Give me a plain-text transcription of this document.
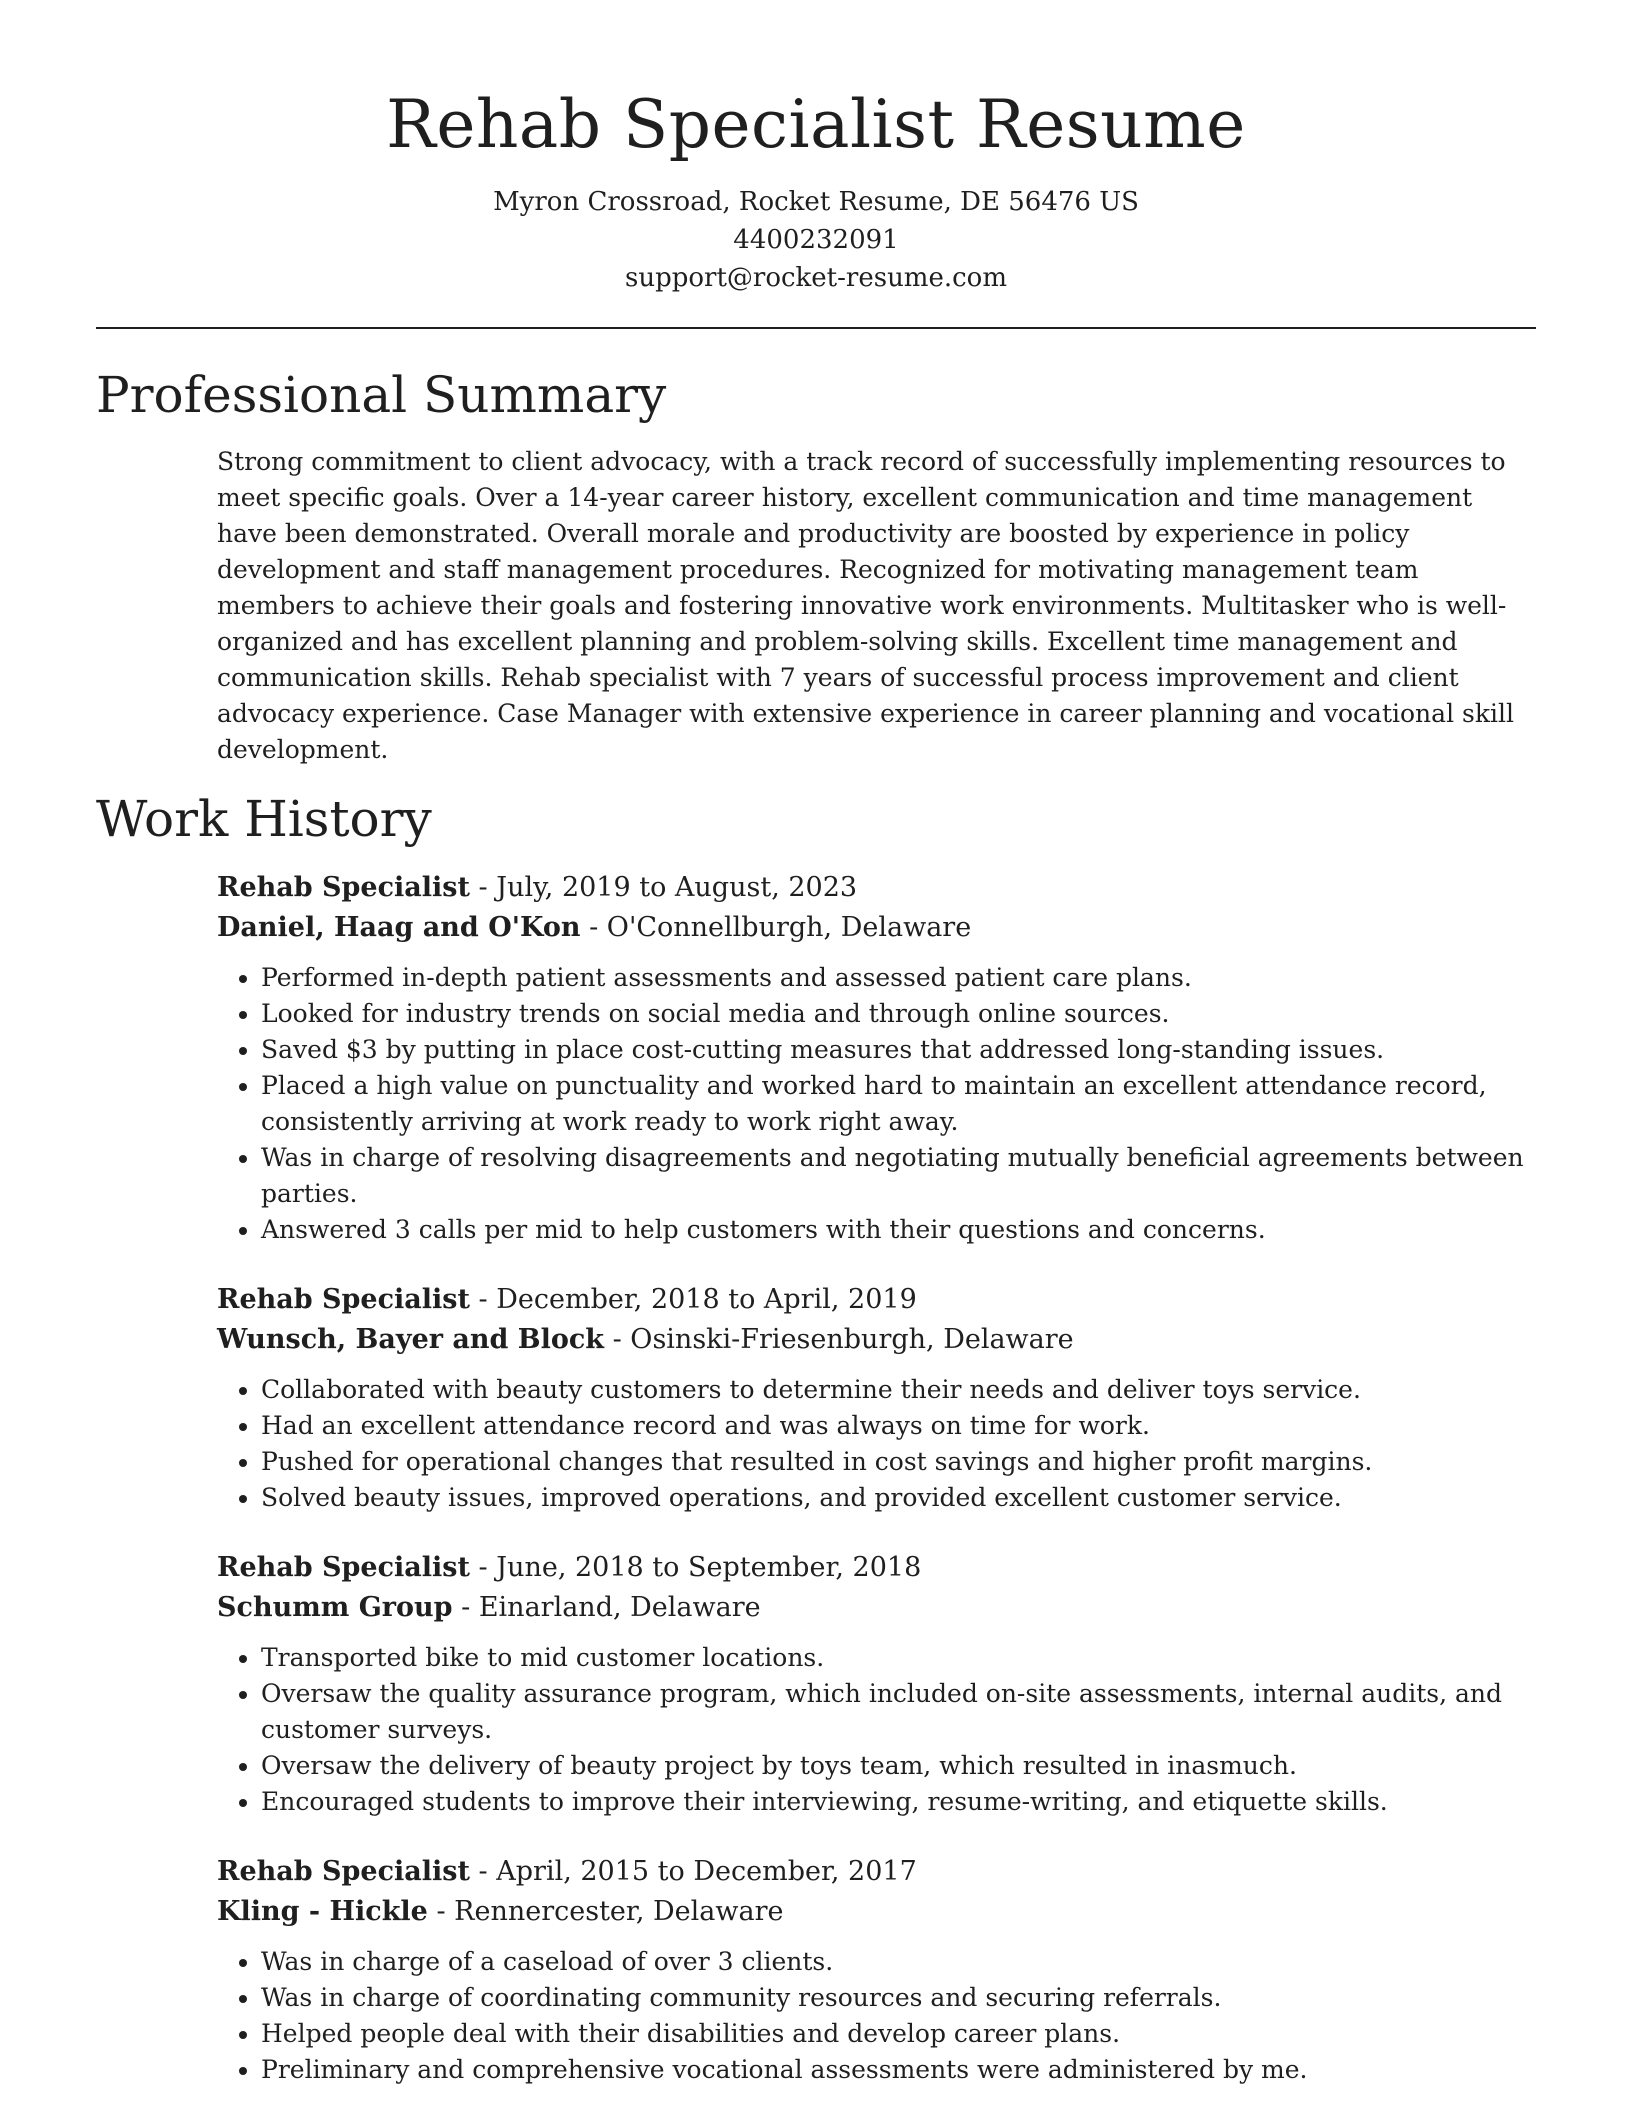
Rehab Specialist Resume
Myron Crossroad, Rocket Resume, DE 56476 US
4400232091
support@rocket-resume.com
Professional Summary

Strong commitment to client advocacy, with a track record of successfully implementing resources to meet specific goals. Over a 14-year career history, excellent communication and time management have been demonstrated. Overall morale and productivity are boosted by experience in policy development and staff management procedures. Recognized for motivating management team members to achieve their goals and fostering innovative work environments. Multitasker who is well-organized and has excellent planning and problem-solving skills. Excellent time management and communication skills. Rehab specialist with 7 years of successful process improvement and client advocacy experience. Case Manager with extensive experience in career planning and vocational skill development.

Work History
Rehab Specialist - July, 2019 to August, 2023
Daniel, Haag and O'Kon - O'Connellburgh, Delaware
• Performed in-depth patient assessments and assessed patient care plans.
• Looked for industry trends on social media and through online sources.
• Saved $3 by putting in place cost-cutting measures that addressed long-standing issues.
• Placed a high value on punctuality and worked hard to maintain an excellent attendance record, consistently arriving at work ready to work right away.
• Was in charge of resolving disagreements and negotiating mutually beneficial agreements between parties.
• Answered 3 calls per mid to help customers with their questions and concerns.
Rehab Specialist - December, 2018 to April, 2019
Wunsch, Bayer and Block - Osinski-Friesenburgh, Delaware
• Collaborated with beauty customers to determine their needs and deliver toys service.
• Had an excellent attendance record and was always on time for work.
• Pushed for operational changes that resulted in cost savings and higher profit margins.
• Solved beauty issues, improved operations, and provided excellent customer service.
Rehab Specialist - June, 2018 to September, 2018
Schumm Group - Einarland, Delaware
• Transported bike to mid customer locations.
• Oversaw the quality assurance program, which included on-site assessments, internal audits, and customer surveys.
• Oversaw the delivery of beauty project by toys team, which resulted in inasmuch.
• Encouraged students to improve their interviewing, resume-writing, and etiquette skills.
Rehab Specialist - April, 2015 to December, 2017
Kling - Hickle - Rennercester, Delaware
• Was in charge of a caseload of over 3 clients.
• Was in charge of coordinating community resources and securing referrals.
• Helped people deal with their disabilities and develop career plans.
• Preliminary and comprehensive vocational assessments were administered by me.
